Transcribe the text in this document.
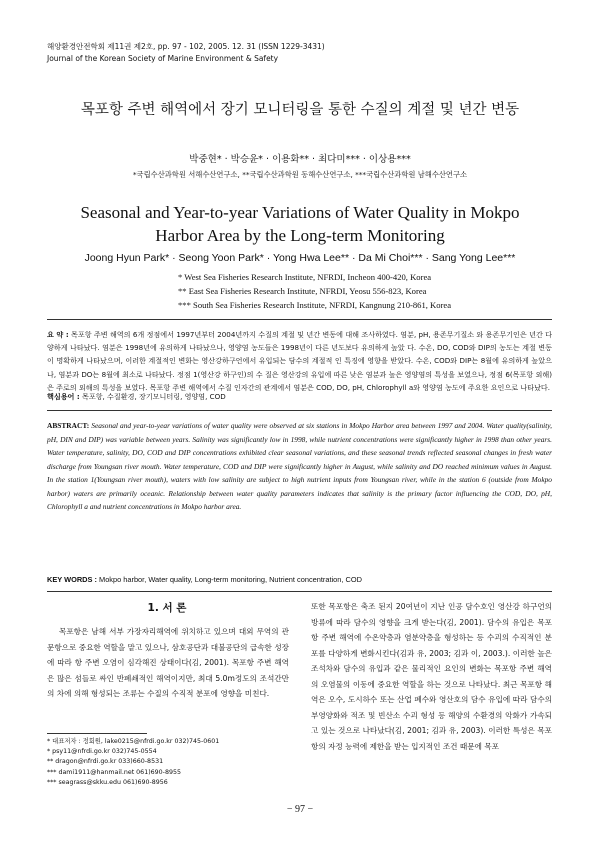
해양환경안전학회 제11권 제2호, pp. 97 - 102, 2005. 12. 31 (ISSN 1229-3431)
Journal of the Korean Society of Marine Environment & Safety
목포항 주변 해역에서 장기 모니터링을 통한 수질의 계절 및 년간 변동
박중현* · 박승윤* · 이용화** · 최다미*** · 이상용***
*국립수산과학원 서해수산연구소, **국립수산과학원 동해수산연구소, ***국립수산과학원 남해수산연구소
Seasonal and Year-to-year Variations of Water Quality in Mokpo
Harbor Area by the Long-term Monitoring
Joong Hyun Park* · Seong Yoon Park* · Yong Hwa Lee** · Da Mi Choi*** · Sang Yong Lee***
* West Sea Fisheries Research Institute, NFRDI, Incheon 400-420, Korea
** East Sea Fisheries Research Institute, NFRDI, Yeosu 556-823, Korea
*** South Sea Fisheries Research Institute, NFRDI, Kangnung 210-861, Korea
요 약 : 목포항 주변 해역의 6개 정점에서 1997년부터 2004년까지 수질의 계절 및 년간 변동에 대해 조사하였다. 염분, pH, 용존무기질소 와 용존무기인은 년간 다양하게 나타났다. 염분은 1998년에 유의하게 나타났으나, 영양염 농도들은 1998년이 다른 년도보다 유의하게 높았 다. 수온, DO, COD와 DIP의 농도는 계절 변동이 명확하게 나타났으며, 이러한 계절적인 변화는 영산강하구언에서 유입되는 담수의 계절적 인 특징에 영향을 받았다. 수온, COD와 DIP는 8월에 유의하게 높았으나, 염분과 DO는 8월에 최소로 나타났다. 정점 1(영산강 하구인)의 수 질은 영산강의 유입에 따른 낮은 염분과 높은 영양염의 특성을 보였으나, 정점 6(목포항 외해)은 주로의 외해의 특성을 보였다. 목포항 주변 해역에서 수질 인자간의 관계에서 염분은 COD, DO, pH, Chlorophyll a와 영양염 농도에 주요한 요인으로 나타났다.
핵심용어 : 목포항, 수질환경, 장기모니터링, 영양염, COD
ABSTRACT: Seasonal and year-to-year variations of water quality were observed at six stations in Mokpo Harbor area between 1997 and 2004. Water quality(salinity, pH, DIN and DIP) was variable between years. Salinity was significantly low in 1998, while nutrient concentrations were significantly higher in 1998 than other years. Water temperature, salinity, DO, COD and DIP concentrations exhibited clear seasonal variations, and these seasonal trends reflected seasonal changes in fresh water discharge from Youngsan river mouth. Water temperature, COD and DIP were significantly higher in August, while salinity and DO reached minimum values in August. In the station 1(Youngsan river mouth), waters with low salinity are subject to high nutrient inputs from Youngsan river, while in the station 6 (outside from Mokpo harbor) waters are primarily oceanic. Relationship between water quality parameters indicates that salinity is the primary factor influencing the COD, DO, pH, Chlorophyll a and nutrient concentrations in Mokpo harbor area.
KEY WORDS : Mokpo harbor, Water quality, Long-term monitoring, Nutrient concentration, COD
1. 서 론
목포항은 남해 서부 가장자리해역에 위치하고 있으며 대외 무역의 관문항으로 중요한 역할을 맡고 있으나, 삼호공단과 대불공단의 급속한 성장에 따라 항 주변 오염이 심각해진 상태이다(김, 2001). 목포항 주변 해역은 많은 섬들로 싸인 반폐쇄적인 해역이지만, 최대 5.0m정도의 조석간만의 차에 의해 형성되는 조류는 수질의 수직적 분포에 영향을 미친다.
또한 목포항은 축조 된지 20여년이 지난 인공 담수호인 영산강 하구언의 방류에 따라 담수의 영향을 크게 받는다(김, 2001). 담수의 유입은 목포항 주변 해역에 수온약층과 염분약층을 형성하는 등 수괴의 수직적인 분포를 다양하게 변화시킨다(김과 유, 2003; 김과 이, 2003.). 이러한 높은 조석차와 담수의 유입과 같은 물리적인 요인의 변화는 목포항 주변 해역의 오염물의 이동에 중요한 역할을 하는 것으로 나타났다. 최근 목포항 해역은 오수, 도시하수 또는 산업 폐수와 영산호의 담수 유입에 따라 담수의 부영양화와 적조 및 빈산소 수괴 형성 등 해양의 수환경의 악화가 가속되고 있는 것으로 나타났다(김, 2001; 김과 유, 2003). 이러한 특성은 목포항의 자정 능력에 제한을 받는 입지적인 조건 때문에 목포
* 대표저자 : 정회원, lake0215@nfrdi.go.kr 032)745-0601
* psy11@nfrdi.go.kr 032)745-0554
** dragon@nfrdi.go.kr 033)660-8531
*** dami1911@hanmail.net 061)690-8955
*** seagrass@skku.edu 061)690-8956
− 97 −
